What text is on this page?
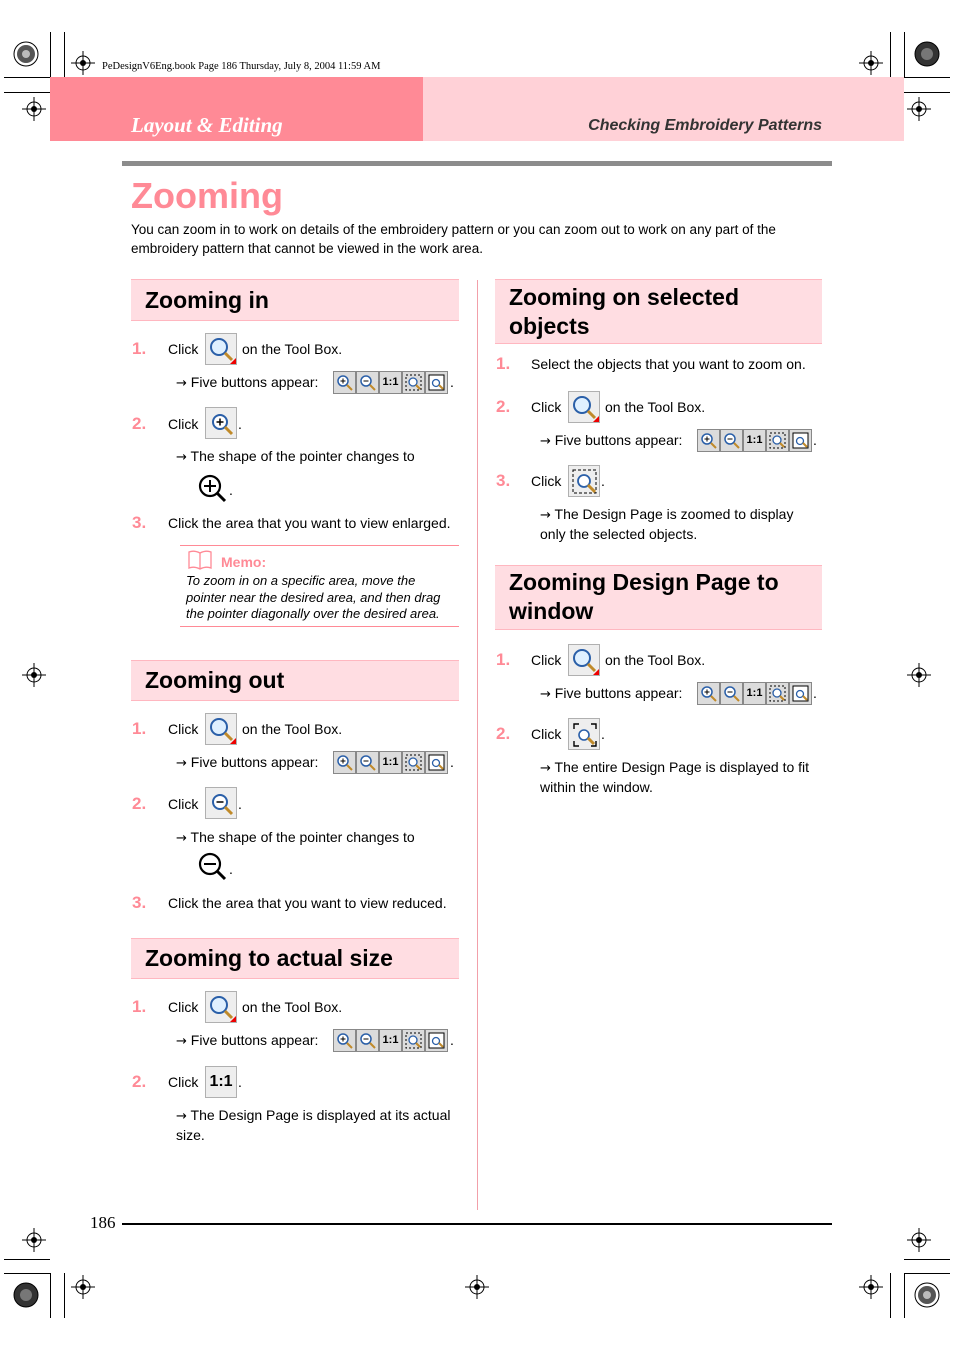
PeDesignV6Eng.book Page 186 Thursday, July 8, 2004 11:59 AM
Layout & Editing	Checking Embroidery Patterns
Zooming
You can zoom in to work on details of the embroidery pattern or you can zoom out to work on any part of the embroidery pattern that cannot be viewed in the work area.
Zooming in
1. Click	on the Tool Box.
→ Five buttons appear:	1:1	.
2. Click	.
→ The shape of the pointer changes to
.
3. Click the area that you want to view enlarged.
Memo:
To zoom in on a specific area, move the pointer near the desired area, and then drag the pointer diagonally over the desired area.
Zooming out
1. Click	on the Tool Box.
→ Five buttons appear:	1:1	.
2. Click	.
→ The shape of the pointer changes to
.
3. Click the area that you want to view reduced.
Zooming to actual size
1. Click	on the Tool Box.
→ Five buttons appear:	1:1	.
2. Click 1:1 .
→ The Design Page is displayed at its actual size.
Zooming on selected objects
1. Select the objects that you want to zoom on.
2. Click	on the Tool Box.
→ Five buttons appear:	1:1	.
3. Click	.
→ The Design Page is zoomed to display only the selected objects.
Zooming Design Page to window
1. Click	on the Tool Box.
→ Five buttons appear:	1:1	.
2. Click	.
→ The entire Design Page is displayed to fit within the window.
186
